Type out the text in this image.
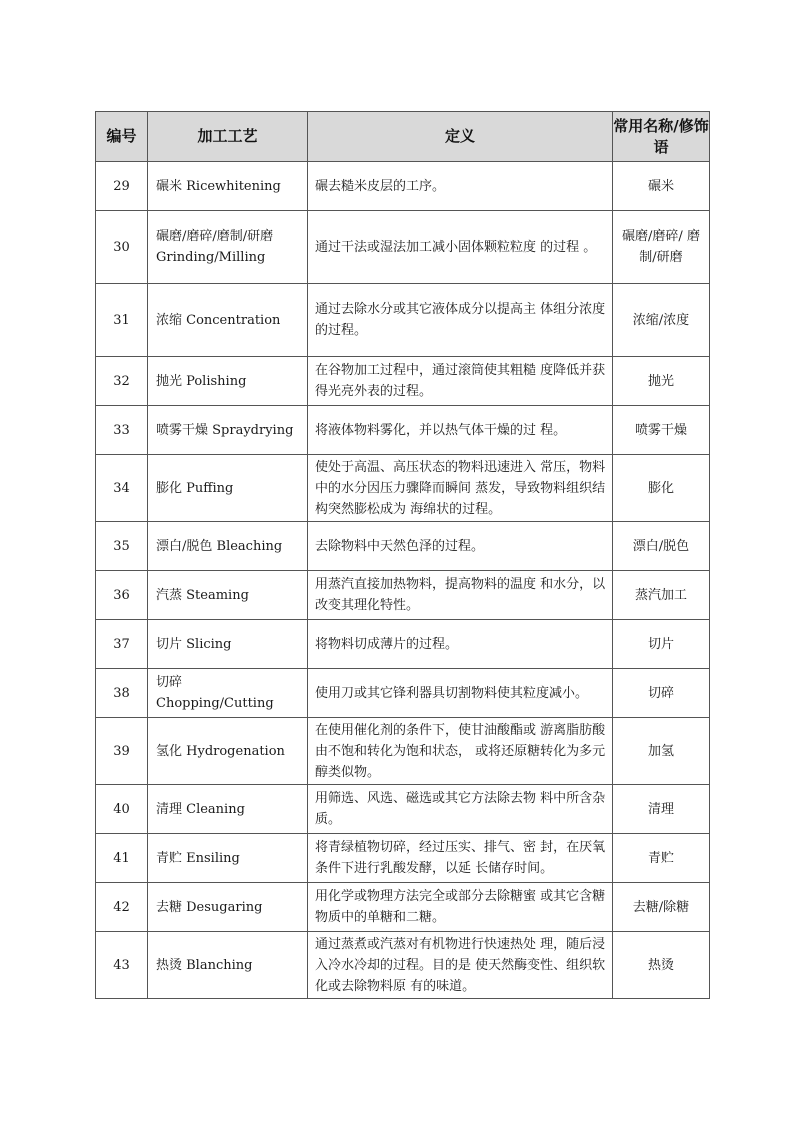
编号	加工工艺	定义	常用名称/修饰语
29	碾米 Ricewhitening	碾去糙米皮层的工序。	碾米
30	碾磨/磨碎/磨制/研磨 Grinding/Milling	通过干法或湿法加工减小固体颗粒粒度 的过程 。	碾磨/磨碎/ 磨制/研磨
31	浓缩 Concentration	通过去除水分或其它液体成分以提高主 体组分浓度的过程。	浓缩/浓度
32	抛光 Polishing	在谷物加工过程中，通过滚筒使其粗糙 度降低并获得光亮外表的过程。	抛光
33	喷雾干燥 Spraydrying	将液体物料雾化，并以热气体干燥的过 程。	喷雾干燥
34	膨化 Puffing	使处于高温、高压状态的物料迅速进入 常压，物料中的水分因压力骤降而瞬间 蒸发，导致物料组织结构突然膨松成为 海绵状的过程。	膨化
35	漂白/脱色 Bleaching	去除物料中天然色泽的过程。	漂白/脱色
36	汽蒸 Steaming	用蒸汽直接加热物料，提高物料的温度 和水分，以改变其理化特性。	蒸汽加工
37	切片 Slicing	将物料切成薄片的过程。	切片
38	切碎 Chopping/Cutting	使用刀或其它锋利器具切割物料使其粒度减小。	切碎
39	氢化 Hydrogenation	在使用催化剂的条件下，使甘油酸酯或 游离脂肪酸由不饱和转化为饱和状态， 或将还原糖转化为多元醇类似物。	加氢
40	清理 Cleaning	用筛选、风选、磁选或其它方法除去物 料中所含杂质。	清理
41	青贮 Ensiling	将青绿植物切碎，经过压实、排气、密 封，在厌氧条件下进行乳酸发酵，以延 长储存时间。	青贮
42	去糖 Desugaring	用化学或物理方法完全或部分去除糖蜜 或其它含糖物质中的单糖和二糖。	去糖/除糖
43	热烫 Blanching	通过蒸煮或汽蒸对有机物进行快速热处 理，随后浸入冷水冷却的过程。目的是 使天然酶变性、组织软化或去除物料原 有的味道。	热烫
